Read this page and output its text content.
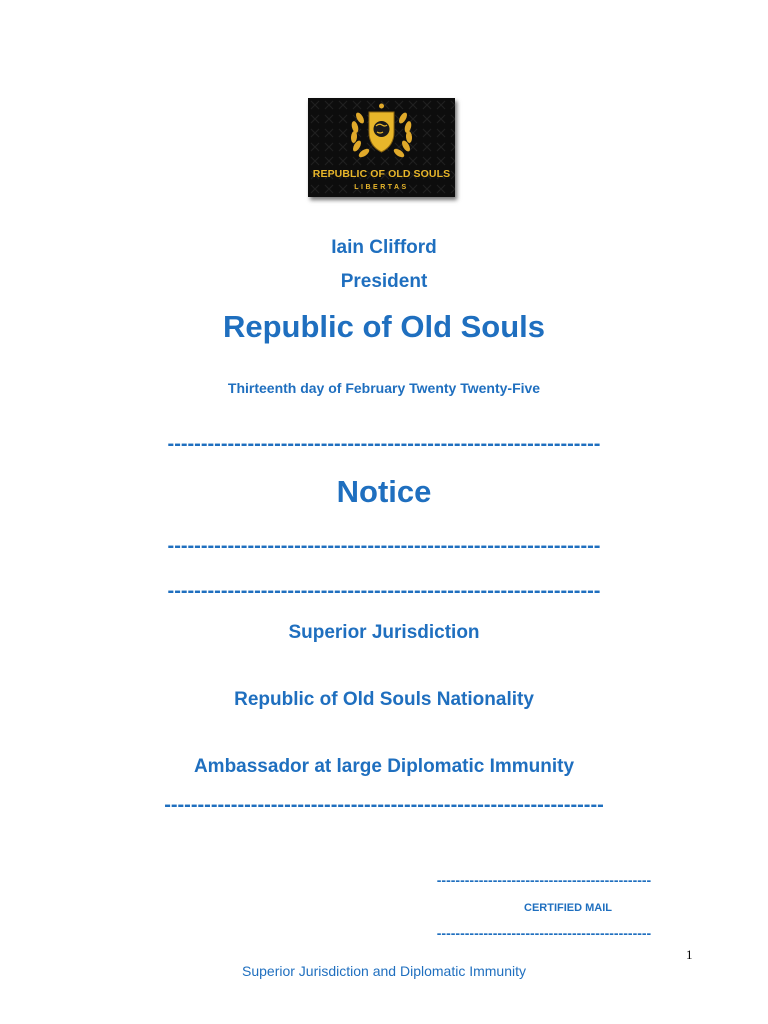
REPUBLIC OF OLD SOULS
LIBERTAS
Iain Clifford
President
Republic of Old Souls
Thirteenth day of February Twenty Twenty-Five
-----------------------------------------------------------------
Notice
-----------------------------------------------------------------
-----------------------------------------------------------------
Superior Jurisdiction
Republic of Old Souls Nationality
Ambassador at large Diplomatic Immunity
------------------------------------------------------------------
----------------------------------------------
CERTIFIED MAIL
----------------------------------------------
1
Superior Jurisdiction and Diplomatic Immunity
